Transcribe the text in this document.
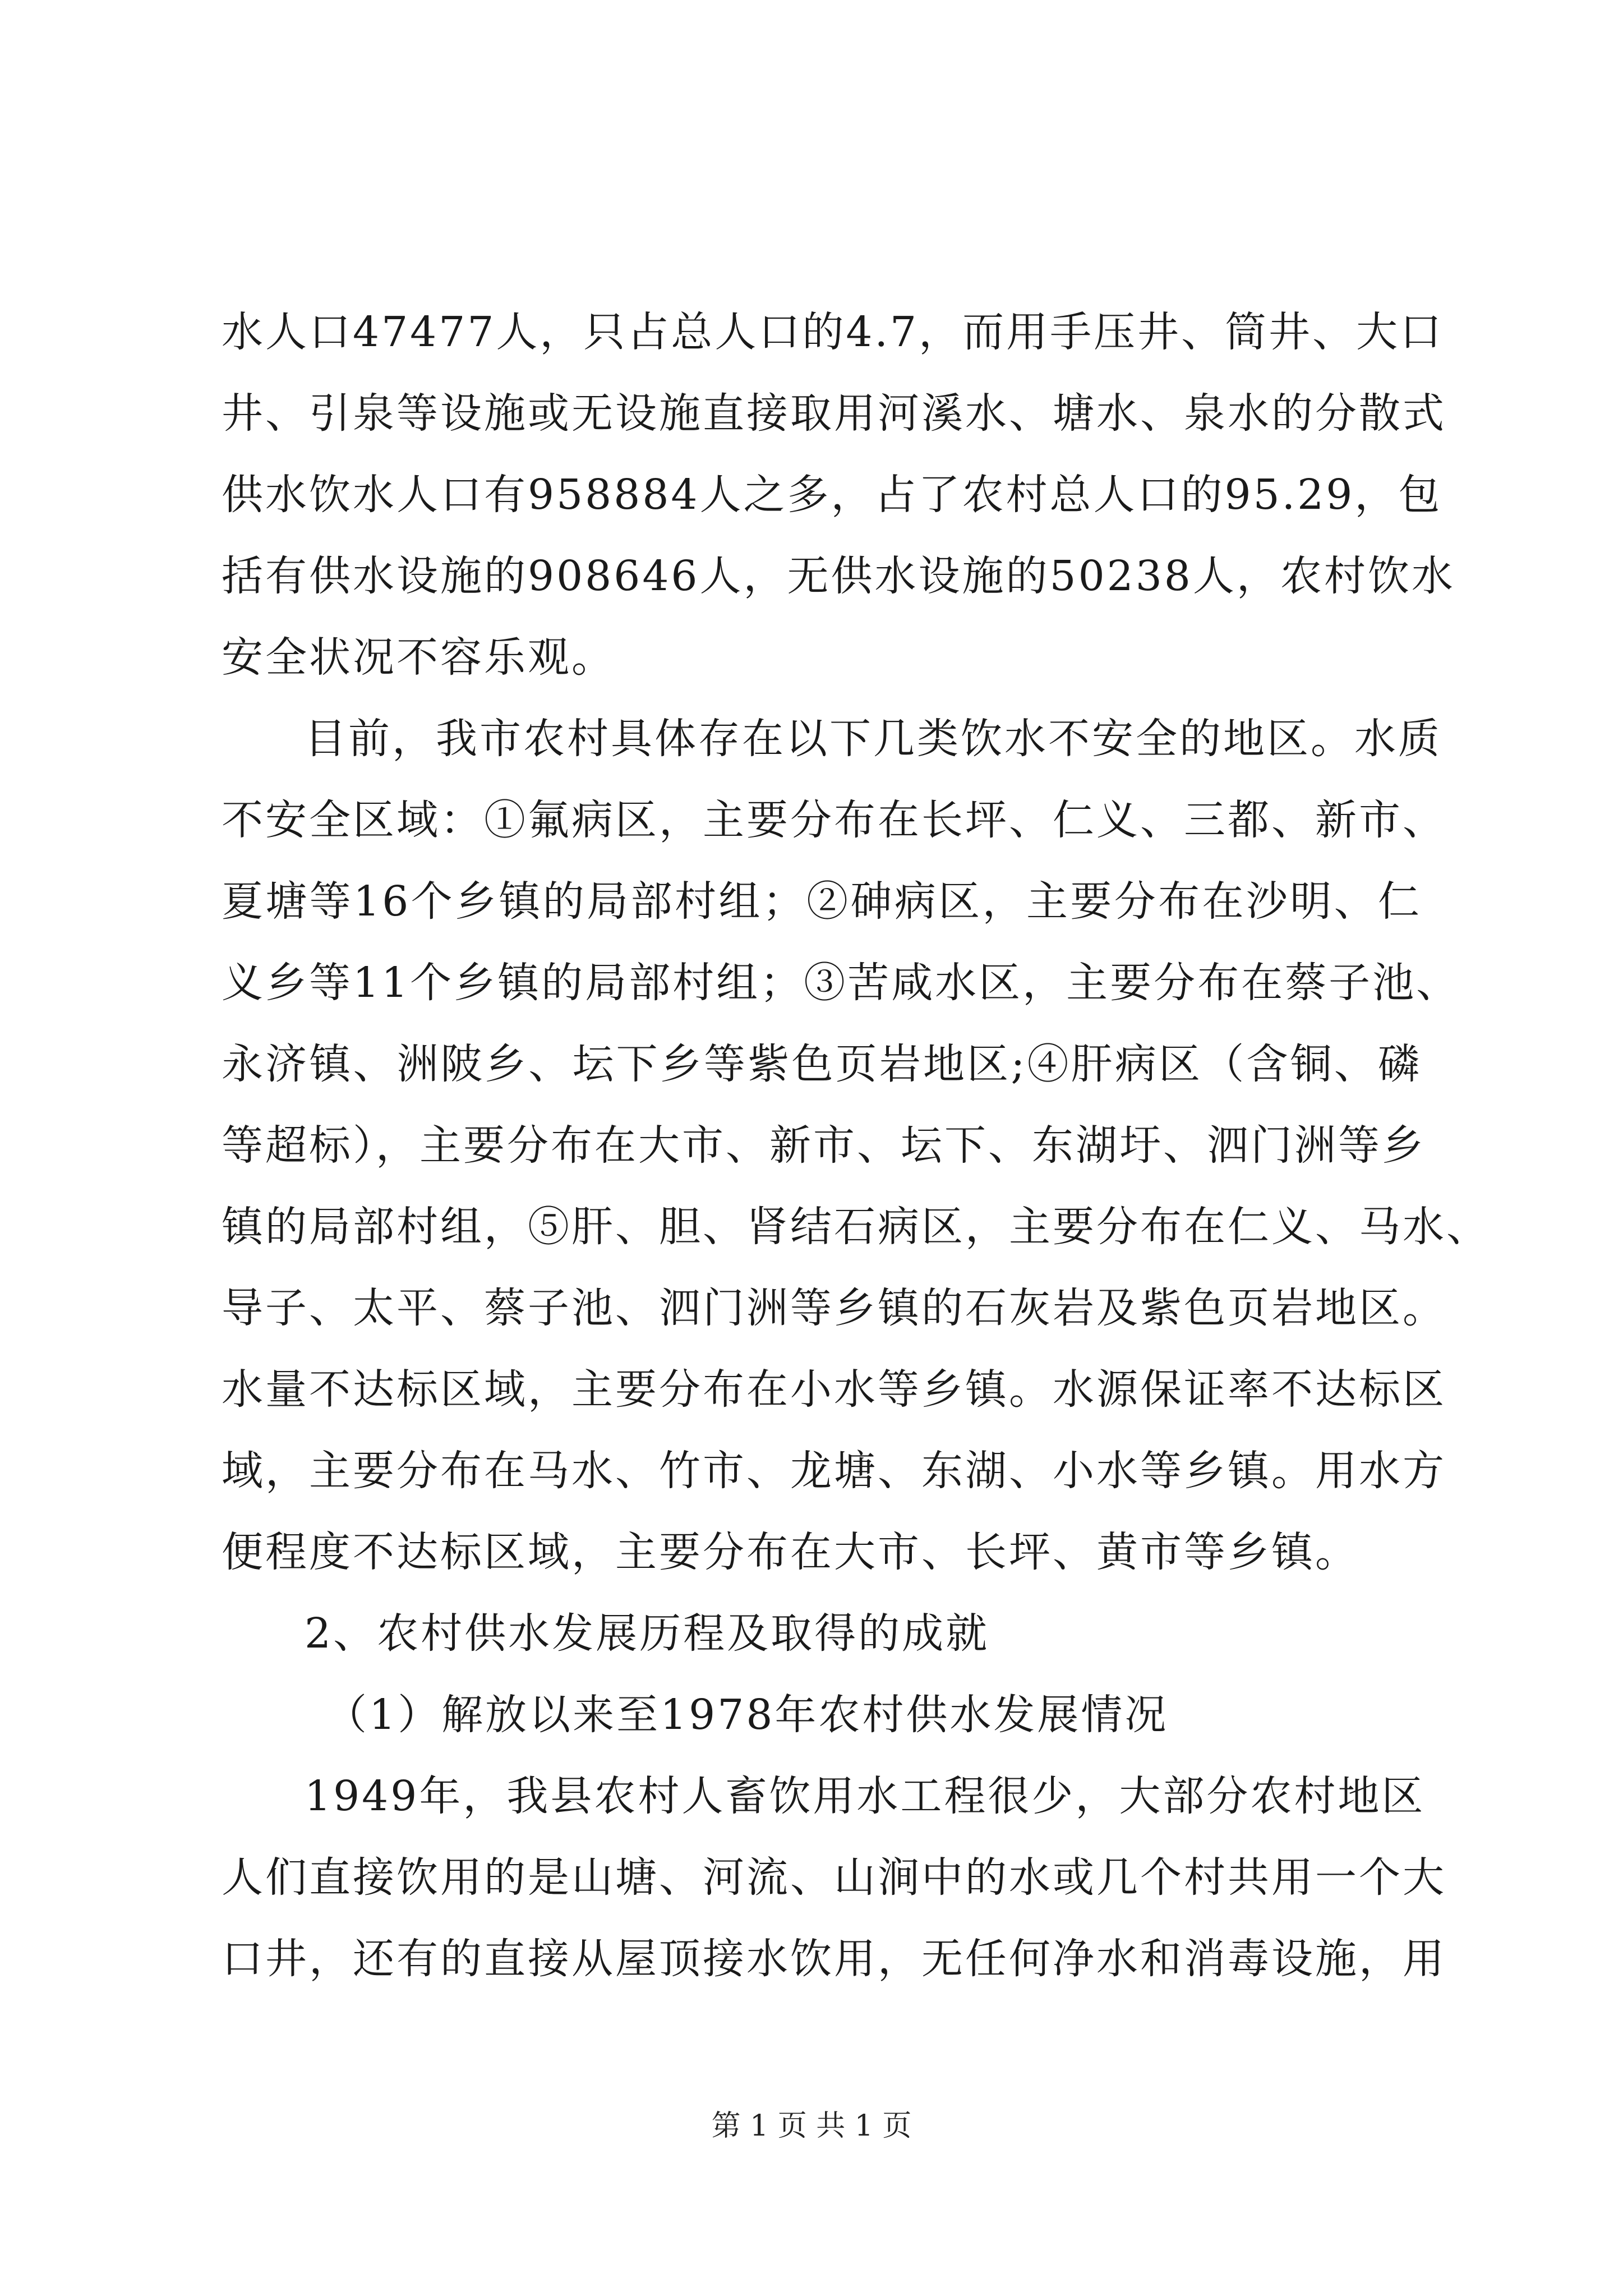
水人口47477人，只占总人口的4.7，而用手压井、筒井、大口
井、引泉等设施或无设施直接取用河溪水、塘水、泉水的分散式
供水饮水人口有958884人之多，占了农村总人口的95.29，包
括有供水设施的908646人，无供水设施的50238人，农村饮水
安全状况不容乐观。
目前，我市农村具体存在以下几类饮水不安全的地区。水质
不安全区域：①氟病区，主要分布在长坪、仁义、三都、新市、
夏塘等16个乡镇的局部村组；②砷病区，主要分布在沙明、仁
义乡等11个乡镇的局部村组；③苦咸水区，主要分布在蔡子池、
永济镇、洲陂乡、坛下乡等紫色页岩地区;④肝病区（含铜、磷
等超标），主要分布在大市、新市、坛下、东湖圩、泗门洲等乡
镇的局部村组，⑤肝、胆、肾结石病区，主要分布在仁义、马水、
导子、太平、蔡子池、泗门洲等乡镇的石灰岩及紫色页岩地区。
水量不达标区域，主要分布在小水等乡镇。水源保证率不达标区
域，主要分布在马水、竹市、龙塘、东湖、小水等乡镇。用水方
便程度不达标区域，主要分布在大市、长坪、黄市等乡镇。
2、农村供水发展历程及取得的成就
（1）解放以来至1978年农村供水发展情况
1949年，我县农村人畜饮用水工程很少，大部分农村地区
人们直接饮用的是山塘、河流、山涧中的水或几个村共用一个大
口井，还有的直接从屋顶接水饮用，无任何净水和消毒设施，用
第 1 页 共 1 页
